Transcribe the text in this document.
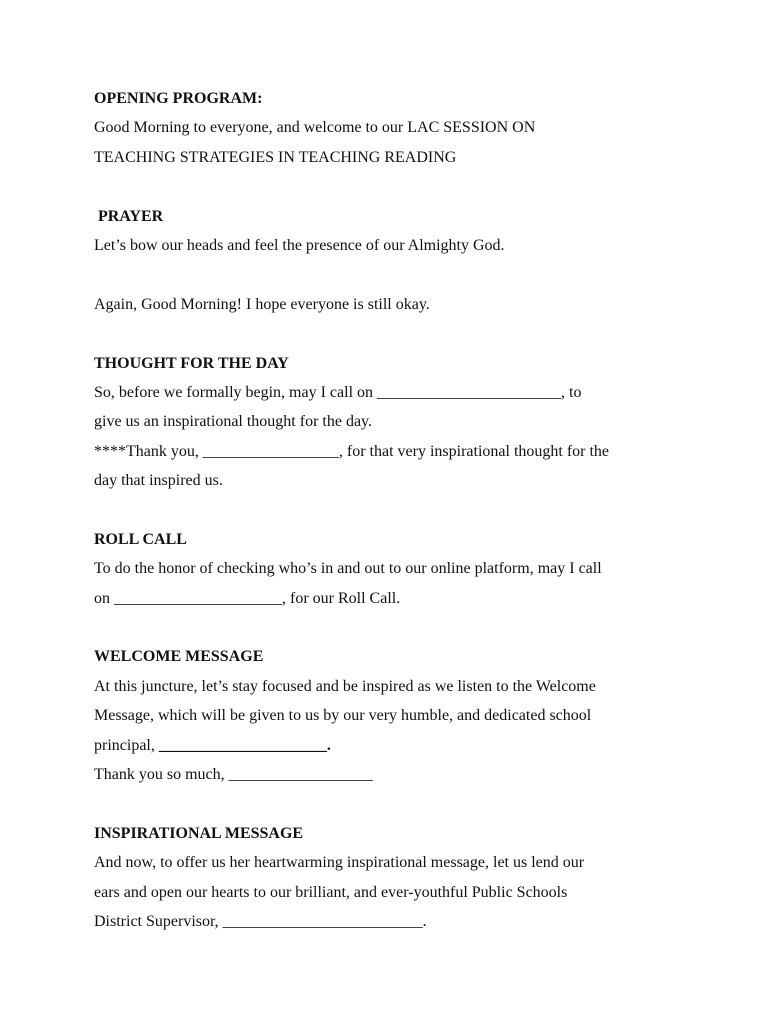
OPENING PROGRAM:

Good Morning to everyone, and welcome to our LAC SESSION ON

TEACHING STRATEGIES IN TEACHING READING

PRAYER

Let’s bow our heads and feel the presence of our Almighty God.

Again, Good Morning! I hope everyone is still okay.

THOUGHT FOR THE DAY

So, before we formally begin, may I call on _______________________, to

give us an inspirational thought for the day.

****Thank you, _________________, for that very inspirational thought for the

day that inspired us.

ROLL CALL

To do the honor of checking who’s in and out to our online platform, may I call

on _____________________, for our Roll Call.

WELCOME MESSAGE

At this juncture, let’s stay focused and be inspired as we listen to the Welcome

Message, which will be given to us by our very humble, and dedicated school

principal, _____________________.

Thank you so much, __________________

INSPIRATIONAL MESSAGE

And now, to offer us her heartwarming inspirational message, let us lend our

ears and open our hearts to our brilliant, and ever-youthful Public Schools

District Supervisor, _________________________.
